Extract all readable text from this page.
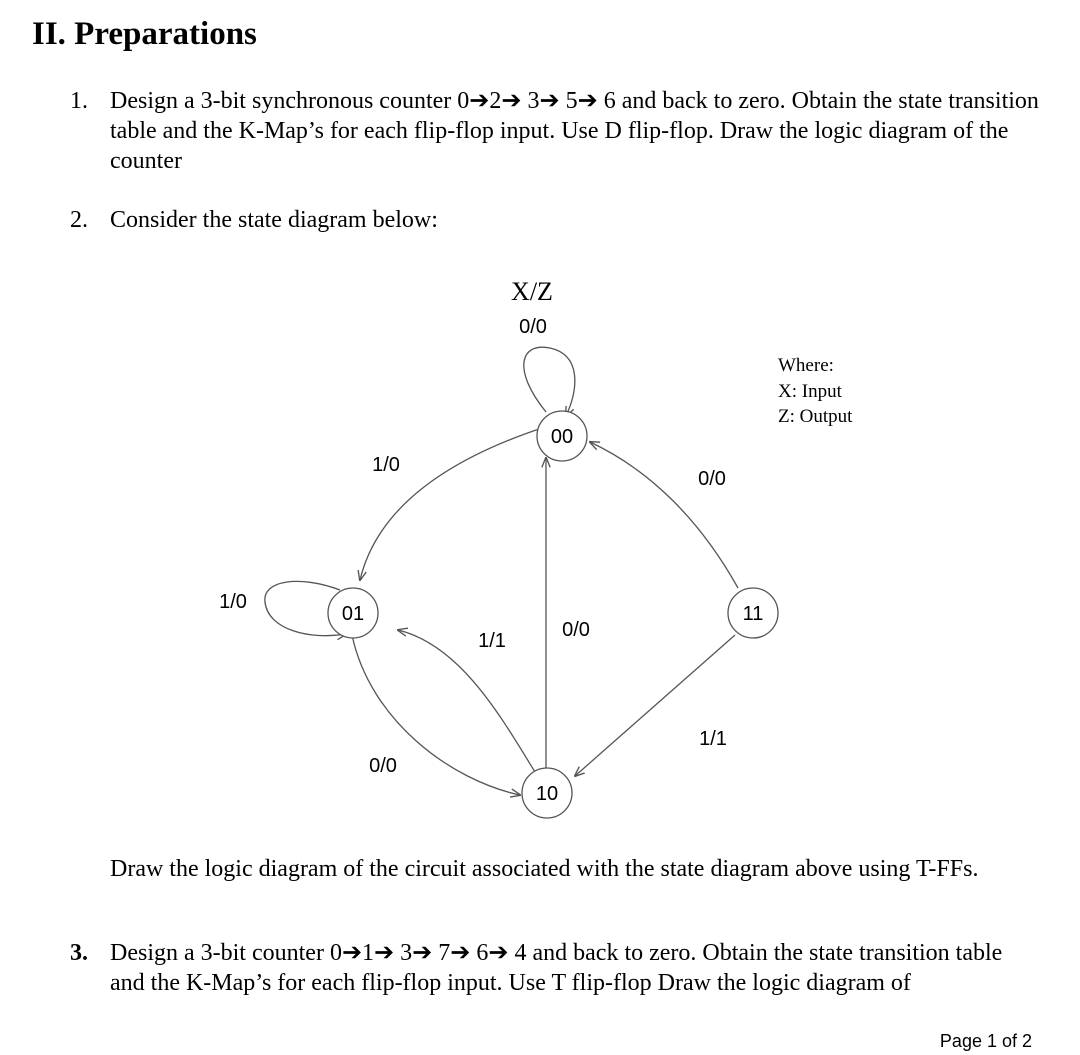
II. Preparations
1. Design a 3-bit synchronous counter 0➔2➔ 3➔ 5➔ 6 and back to zero. Obtain the state transition table and the K-Map’s for each flip-flop input. Use D flip-flop. Draw the logic diagram of the counter
2. Consider the state diagram below:
X/Z
Where:
X: Input
Z: Output
0/0
1/0
1/0
0/0
1/1	0/0
0/0
1/1
00
01
10
11
Draw the logic diagram of the circuit associated with the state diagram above using T-FFs.
3. Design a 3-bit counter 0➔1➔ 3➔ 7➔ 6➔ 4 and back to zero. Obtain the state transition table and the K-Map’s for each flip-flop input. Use T flip-flop Draw the logic diagram of
Page 1 of 2
